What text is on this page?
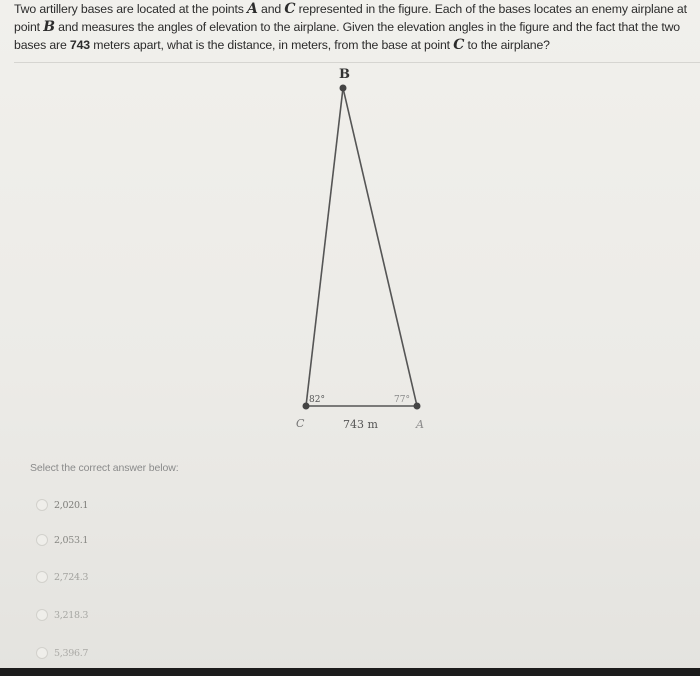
Two artillery bases are located at the points A and C represented in the figure. Each of the bases locates an enemy airplane at point B and measures the angles of elevation to the airplane. Given the elevation angles in the figure and the fact that the two bases are 743 meters apart, what is the distance, in meters, from the base at point C to the airplane?
B
C	A
82°	77°
743 m
Select the correct answer below:
2,020.1
2,053.1
2,724.3
3,218.3
5,396.7
